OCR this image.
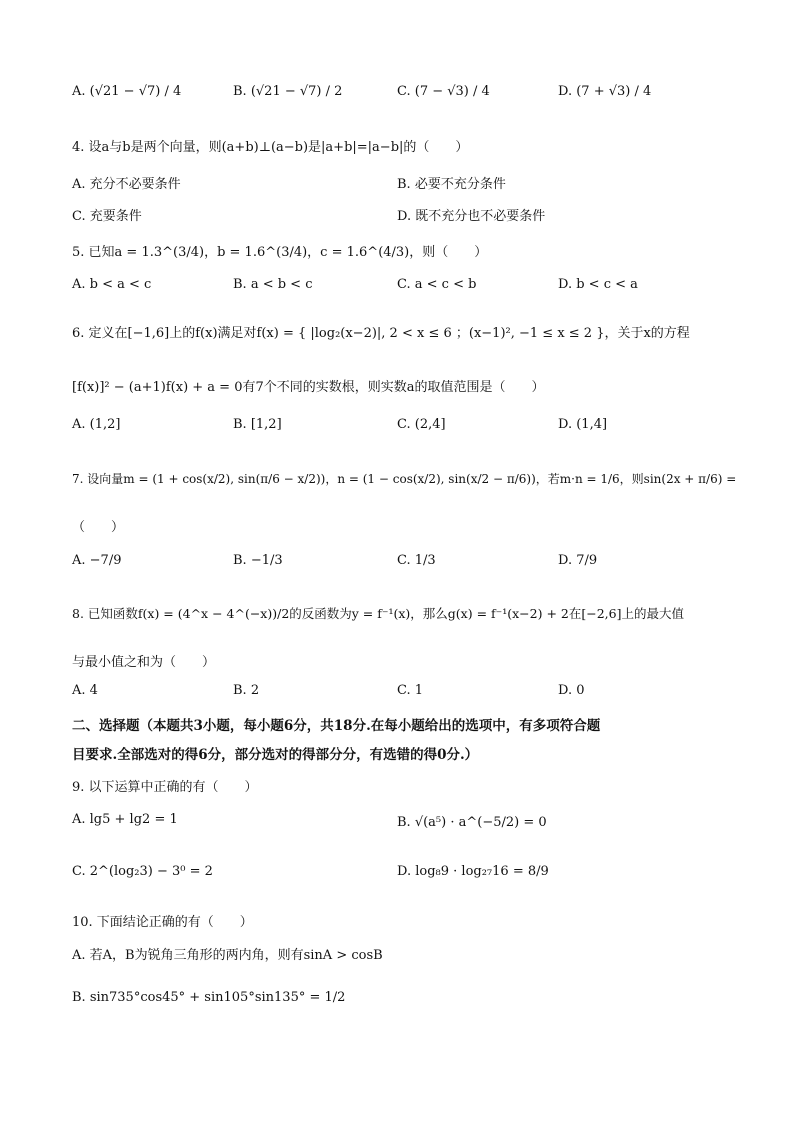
A. (√21 − √7) / 4	B. (√21 − √7) / 2	C. (7 − √3) / 4	D. (7 + √3) / 4
4. 设a与b是两个向量，则(a+b)⊥(a−b)是|a+b|=|a−b|的（　　）
A. 充分不必要条件	B. 必要不充分条件
C. 充要条件	D. 既不充分也不必要条件
5. 已知a = 1.3^(3/4)，b = 1.6^(3/4)，c = 1.6^(4/3)，则（　　）
A. b < a < c	B. a < b < c	C. a < c < b	D. b < c < a
6. 定义在[−1,6]上的f(x)满足对f(x) = { |log₂(x−2)|, 2 < x ≤ 6 ；(x−1)², −1 ≤ x ≤ 2 }，关于x的方程
[f(x)]² − (a+1)f(x) + a = 0有7个不同的实数根，则实数a的取值范围是（　　）
A. (1,2]	B. [1,2]	C. (2,4]	D. (1,4]
7. 设向量m = (1 + cos(x/2), sin(π/6 − x/2))，n = (1 − cos(x/2), sin(x/2 − π/6))，若m·n = 1/6，则sin(2x + π/6) =
（　　）
A. −7/9	B. −1/3	C. 1/3	D. 7/9
8. 已知函数f(x) = (4^x − 4^(−x))/2的反函数为y = f⁻¹(x)，那么g(x) = f⁻¹(x−2) + 2在[−2,6]上的最大值
与最小值之和为（　　）
A. 4	B. 2	C. 1	D. 0
二、选择题（本题共3小题，每小题6分，共18分.在每小题给出的选项中，有多项符合题
目要求.全部选对的得6分，部分选对的得部分分，有选错的得0分.）
9. 以下运算中正确的有（　　）
A. lg5 + lg2 = 1	B. √(a⁵) · a^(−5/2) = 0
C. 2^(log₂3) − 3⁰ = 2	D. log₈9 · log₂₇16 = 8/9
10. 下面结论正确的有（　　）
A. 若A，B为锐角三角形的两内角，则有sinA > cosB
B. sin735°cos45° + sin105°sin135° = 1/2
